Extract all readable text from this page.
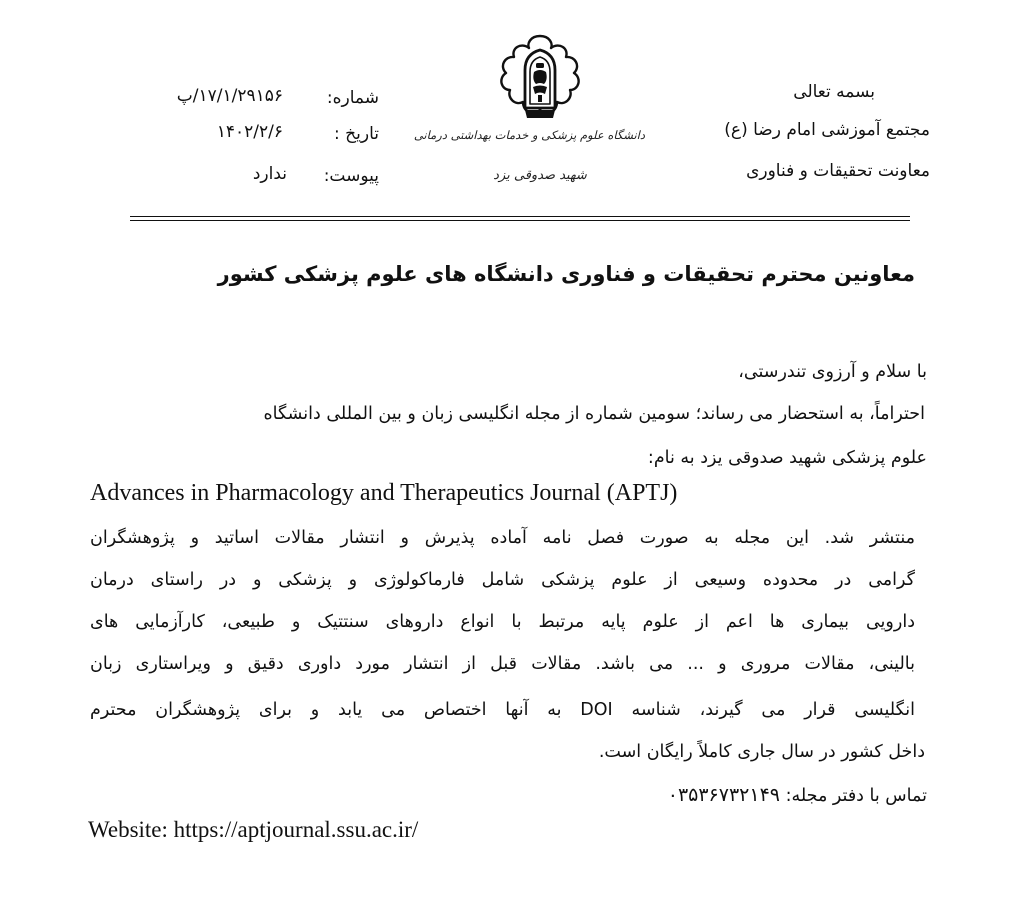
بسمه تعالی
مجتمع آموزشی امام رضا (ع)
معاونت تحقیقات و فناوری
شماره:
۱۷/۱/۲۹۱۵۶/پ
تاریخ :
۱۴۰۲/۲/۶
پیوست:
ندارد
دانشگاه علوم پزشکی و خدمات بهداشتی درمانی
شهید صدوقی یزد
معاونین محترم تحقیقات و فناوری دانشگاه های علوم پزشکی کشور
با سلام و آرزوی تندرستی،
احتراماً، به استحضار می رساند؛ سومین شماره از مجله انگلیسی زبان و بین المللی دانشگاه
علوم پزشکی شهید صدوقی یزد به نام:
Advances in Pharmacology and Therapeutics Journal (APTJ)
منتشر شد. این مجله به صورت فصل نامه آماده پذیرش و انتشار مقالات اساتید و پژوهشگران
گرامی در محدوده وسیعی از علوم پزشکی شامل فارماکولوژی و پزشکی و در راستای درمان
دارویی بیماری ها اعم از علوم پایه مرتبط با انواع داروهای سنتتیک و طبیعی، کارآزمایی های
بالینی، مقالات مروری و ... می باشد. مقالات قبل از انتشار مورد داوری دقیق و ویراستاری زبان
انگلیسی قرار می گیرند، شناسه DOI به آنها اختصاص می یابد و برای پژوهشگران محترم
داخل کشور در سال جاری کاملاً رایگان است.
تماس با دفتر مجله: ۰۳۵۳۶۷۳۲۱۴۹
Website: https://aptjournal.ssu.ac.ir/
